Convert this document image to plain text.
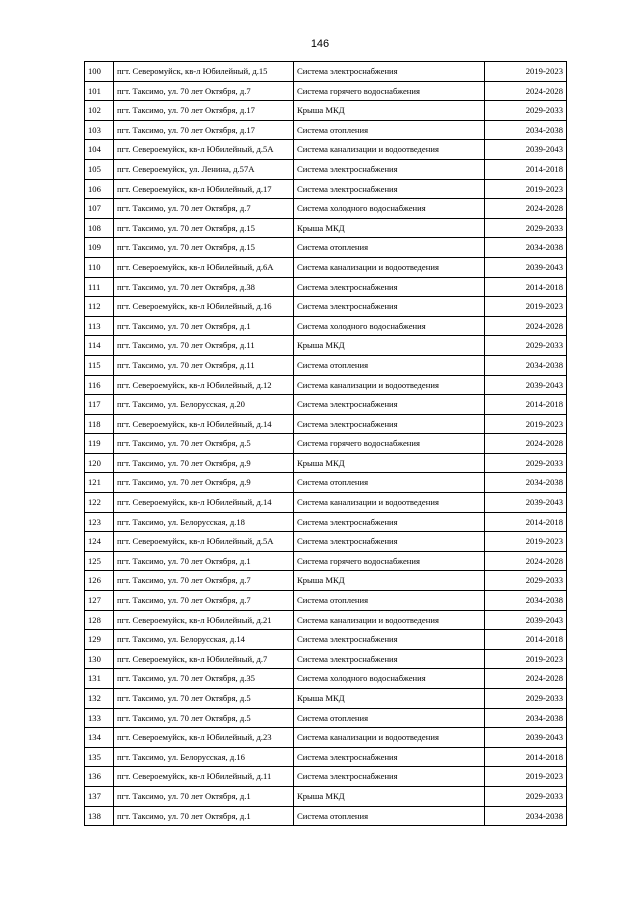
146
100	пгт. Северомуйск, кв-л Юбилейный, д.15	Система электроснабжения	2019-2023
101	пгт. Таксимо, ул. 70 лет Октября, д.7	Система горячего водоснабжения	2024-2028
102	пгт. Таксимо, ул. 70 лет Октября, д.17	Крыша МКД	2029-2033
103	пгт. Таксимо, ул. 70 лет Октября, д.17	Система отопления	2034-2038
104	пгт. Североемуйск, кв-л Юбилейный, д.5А	Система канализации и водоотведения	2039-2043
105	пгт. Североемуйск, ул. Ленина, д.57А	Система электроснабжения	2014-2018
106	пгт. Североемуйск, кв-л Юбилейный, д.17	Система электроснабжения	2019-2023
107	пгт. Таксимо, ул. 70 лет Октября, д.7	Система холодного водоснабжения	2024-2028
108	пгт. Таксимо, ул. 70 лет Октября, д.15	Крыша МКД	2029-2033
109	пгт. Таксимо, ул. 70 лет Октября, д.15	Система отопления	2034-2038
110	пгт. Североемуйск, кв-л Юбилейный, д.6А	Система канализации и водоотведения	2039-2043
111	пгт. Таксимо, ул. 70 лет Октября, д.38	Система электроснабжения	2014-2018
112	пгт. Североемуйск, кв-л Юбилейный, д.16	Система электроснабжения	2019-2023
113	пгт. Таксимо, ул. 70 лет Октября, д.1	Система холодного водоснабжения	2024-2028
114	пгт. Таксимо, ул. 70 лет Октября, д.11	Крыша МКД	2029-2033
115	пгт. Таксимо, ул. 70 лет Октября, д.11	Система отопления	2034-2038
116	пгт. Североемуйск, кв-л Юбилейный, д.12	Система канализации и водоотведения	2039-2043
117	пгт. Таксимо, ул. Белорусская, д.20	Система электроснабжения	2014-2018
118	пгт. Североемуйск, кв-л Юбилейный, д.14	Система электроснабжения	2019-2023
119	пгт. Таксимо, ул. 70 лет Октября, д.5	Система горячего водоснабжения	2024-2028
120	пгт. Таксимо, ул. 70 лет Октября, д.9	Крыша МКД	2029-2033
121	пгт. Таксимо, ул. 70 лет Октября, д.9	Система отопления	2034-2038
122	пгт. Североемуйск, кв-л Юбилейный, д.14	Система канализации и водоотведения	2039-2043
123	пгт. Таксимо, ул. Белорусская, д.18	Система электроснабжения	2014-2018
124	пгт. Североемуйск, кв-л Юбилейный, д.5А	Система электроснабжения	2019-2023
125	пгт. Таксимо, ул. 70 лет Октября, д.1	Система горячего водоснабжения	2024-2028
126	пгт. Таксимо, ул. 70 лет Октября, д.7	Крыша МКД	2029-2033
127	пгт. Таксимо, ул. 70 лет Октября, д.7	Система отопления	2034-2038
128	пгт. Североемуйск, кв-л Юбилейный, д.21	Система канализации и водоотведения	2039-2043
129	пгт. Таксимо, ул. Белорусская, д.14	Система электроснабжения	2014-2018
130	пгт. Североемуйск, кв-л Юбилейный, д.7	Система электроснабжения	2019-2023
131	пгт. Таксимо, ул. 70 лет Октября, д.35	Система холодного водоснабжения	2024-2028
132	пгт. Таксимо, ул. 70 лет Октября, д.5	Крыша МКД	2029-2033
133	пгт. Таксимо, ул. 70 лет Октября, д.5	Система отопления	2034-2038
134	пгт. Североемуйск, кв-л Юбилейный, д.23	Система канализации и водоотведения	2039-2043
135	пгт. Таксимо, ул. Белорусская, д.16	Система электроснабжения	2014-2018
136	пгт. Североемуйск, кв-л Юбилейный, д.11	Система электроснабжения	2019-2023
137	пгт. Таксимо, ул. 70 лет Октября, д.1	Крыша МКД	2029-2033
138	пгт. Таксимо, ул. 70 лет Октября, д.1	Система отопления	2034-2038
